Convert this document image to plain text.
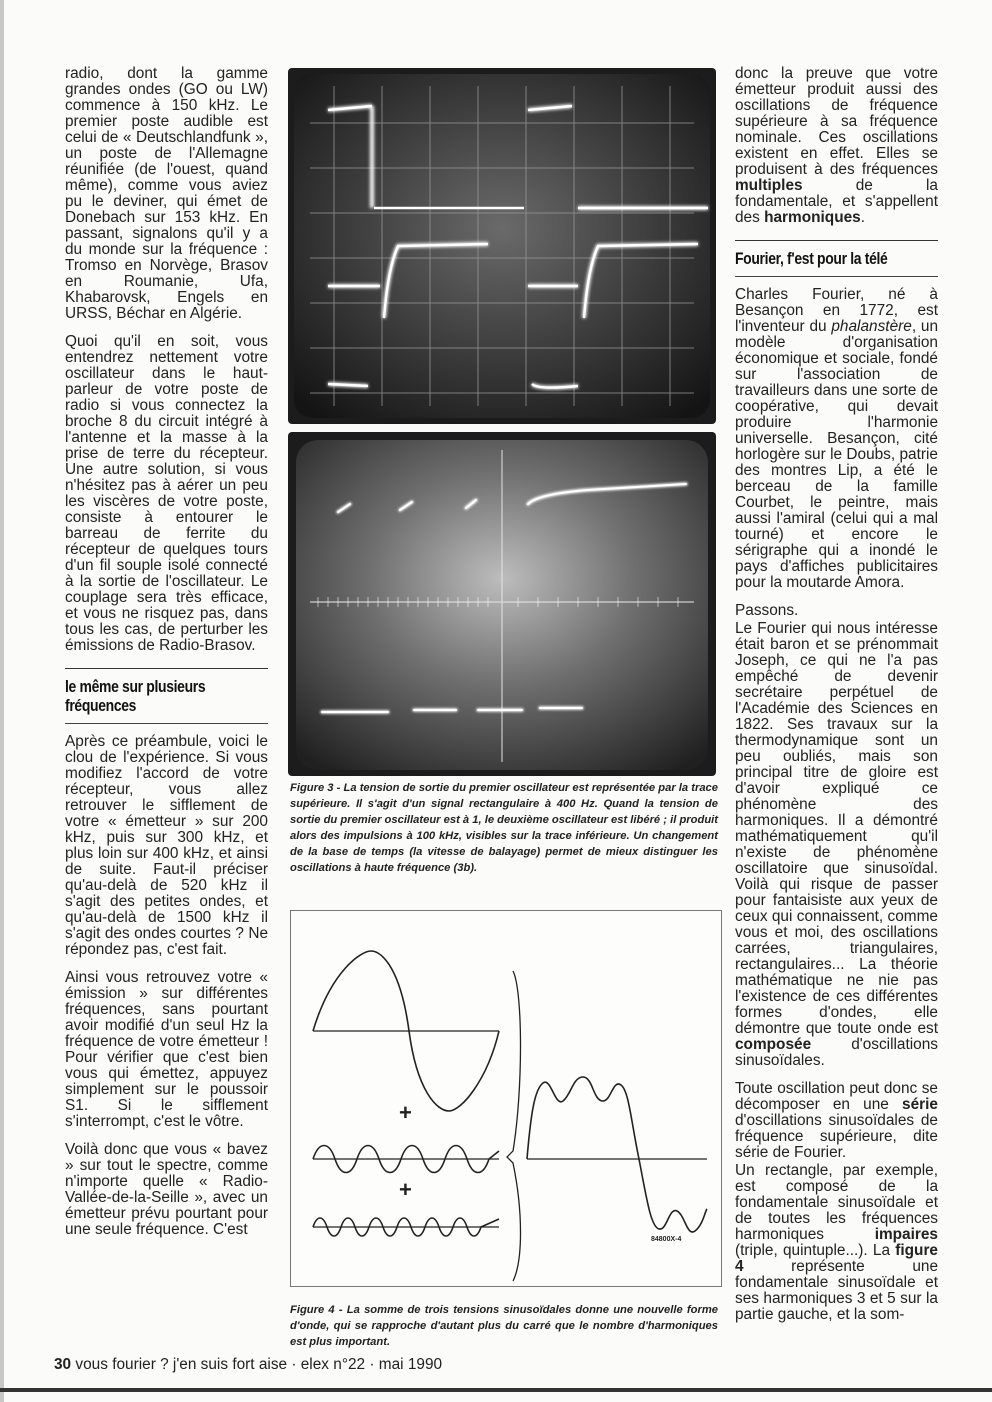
radio, dont la gamme grandes ondes (GO ou LW) commence à 150 kHz. Le premier poste audible est celui de « Deutschlandfunk », un poste de l'Allemagne réunifiée (de l'ouest, quand même), comme vous aviez pu le deviner, qui émet de Donebach sur 153 kHz. En passant, signalons qu'il y a du monde sur la fréquence : Tromso en Norvège, Brasov en Roumanie, Ufa, Khabarovsk, Engels en URSS, Béchar en Algérie.

Quoi qu'il en soit, vous entendrez nettement votre oscillateur dans le hautparleur de votre poste de radio si vous connectez la broche 8 du circuit intégré à l'antenne et la masse à la prise de terre du récepteur. Une autre solution, si vous n'hésitez pas à aérer un peu les viscères de votre poste, consiste à entourer le barreau de ferrite du récepteur de quelques tours d'un fil souple isolé connecté à la sortie de l'oscillateur. Le couplage sera très efficace, et vous ne risquez pas, dans tous les cas, de perturber les émissions de Radio-Brasov.

le même sur plusieurs
fréquences

Après ce préambule, voici le clou de l'expérience. Si vous modifiez l'accord de votre récepteur, vous allez retrouver le sifflement de votre « émetteur » sur 200 kHz, puis sur 300 kHz, et plus loin sur 400 kHz, et ainsi de suite. Faut-il préciser qu'au-delà de 520 kHz il s'agit des petites ondes, et qu'au-delà de 1500 kHz il s'agit des ondes courtes ? Ne répondez pas, c'est fait.

Ainsi vous retrouvez votre « émission » sur différentes fréquences, sans pourtant avoir modifié d'un seul Hz la fréquence de votre émetteur ! Pour vérifier que c'est bien vous qui émettez, appuyez simplement sur le poussoir S1. Si le sifflement s'interrompt, c'est le vôtre.

Voilà donc que vous « bavez » sur tout le spectre, comme n'importe quelle « Radio-Vallée-de-la-Seille », avec un émetteur prévu pourtant pour une seule fréquence. C'est

Figure 3 - La tension de sortie du premier oscillateur est représentée par la trace supérieure. Il s'agit d'un signal rectangulaire à 400 Hz. Quand la tension de sortie du premier oscillateur est à 1, le deuxième oscillateur est libéré ; il produit alors des impulsions à 100 kHz, visibles sur la trace inférieure. Un changement de la base de temps (la vitesse de balayage) permet de mieux distinguer les oscillations à haute fréquence (3b).
+
+
84800X-4
Figure 4 - La somme de trois tensions sinusoïdales donne une nouvelle forme d'onde, qui se rapproche d'autant plus du carré que le nombre d'harmoniques est plus important.

donc la preuve que votre émetteur produit aussi des oscillations de fréquence supérieure à sa fréquence nominale. Ces oscillations existent en effet. Elles se produisent à des fréquences multiples de la fondamentale, et s'appellent des harmoniques.

Fourier, f'est pour la télé

Charles Fourier, né à Besançon en 1772, est l'inventeur du phalanstère, un modèle d'organisation économique et sociale, fondé sur l'association de travailleurs dans une sorte de coopérative, qui devait produire l'harmonie universelle. Besançon, cité horlogère sur le Doubs, patrie des montres Lip, a été le berceau de la famille Courbet, le peintre, mais aussi l'amiral (celui qui a mal tourné) et encore le sérigraphe qui a inondé le pays d'affiches publicitaires pour la moutarde Amora.

Passons.

Le Fourier qui nous intéresse était baron et se prénommait Joseph, ce qui ne l'a pas empêché de devenir secrétaire perpétuel de l'Académie des Sciences en 1822. Ses travaux sur la thermodynamique sont un peu oubliés, mais son principal titre de gloire est d'avoir expliqué ce phénomène des harmoniques. Il a démontré mathématiquement qu'il n'existe de phénomène oscillatoire que sinusoïdal. Voilà qui risque de passer pour fantaisiste aux yeux de ceux qui connaissent, comme vous et moi, des oscillations carrées, triangulaires, rectangulaires... La théorie mathématique ne nie pas l'existence de ces différentes formes d'ondes, elle démontre que toute onde est composée d'oscillations sinusoïdales.

Toute oscillation peut donc se décomposer en une série d'oscillations sinusoïdales de fréquence supérieure, dite série de Fourier.

Un rectangle, par exemple, est composé de la fondamentale sinusoïdale et de toutes les fréquences harmoniques impaires (triple, quintuple...). La figure 4 représente une fondamentale sinusoïdale et ses harmoniques 3 et 5 sur la partie gauche, et la som-

30 vous fourier ? j'en suis fort aise · elex n°22 · mai 1990
